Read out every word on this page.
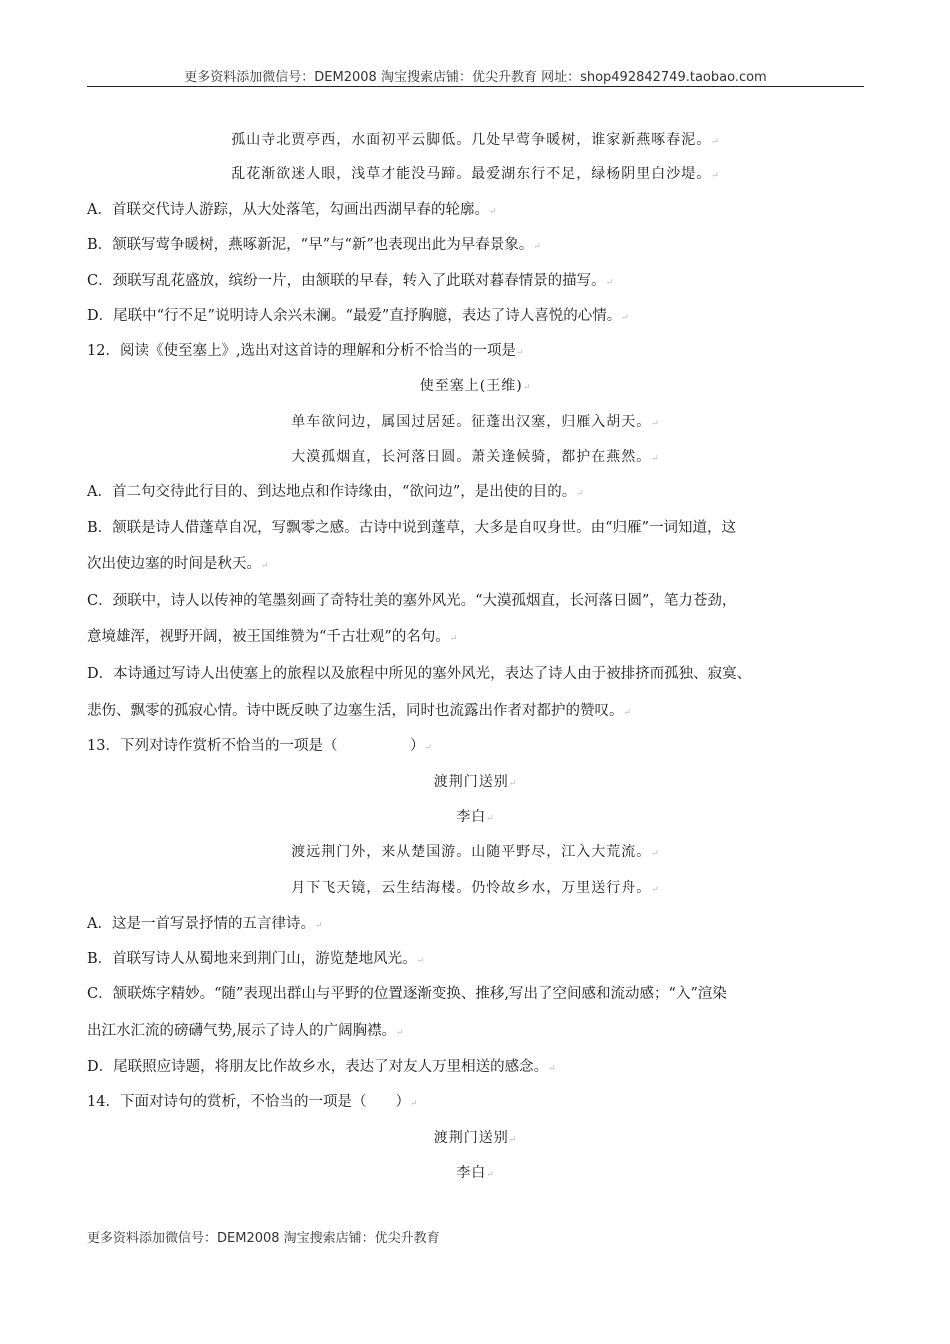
更多资料添加微信号：DEM2008 淘宝搜索店铺：优尖升教育 网址：shop492842749.taobao.com
孤山寺北贾亭西，水面初平云脚低。几处早莺争暖树，谁家新燕啄春泥。↵
乱花渐欲迷人眼，浅草才能没马蹄。最爱湖东行不足，绿杨阴里白沙堤。↵
A．首联交代诗人游踪，从大处落笔，勾画出西湖早春的轮廓。↵
B．颔联写莺争暖树，燕啄新泥，“早”与“新”也表现出此为早春景象。↵
C．颈联写乱花盛放，缤纷一片，由颔联的早春，转入了此联对暮春情景的描写。↵
D．尾联中“行不足”说明诗人余兴未澜。“最爱”直抒胸臆，表达了诗人喜悦的心情。↵
12．阅读《使至塞上》,选出对这首诗的理解和分析不恰当的一项是↵
使至塞上(王维)↵
单车欲问边，属国过居延。征蓬出汉塞，归雁入胡天。↵
大漠孤烟直，长河落日圆。萧关逢候骑，都护在燕然。↵
A．首二句交待此行目的、到达地点和作诗缘由，“欲问边”，是出使的目的。↵
B．颔联是诗人借蓬草自况，写飘零之感。古诗中说到蓬草，大多是自叹身世。由“归雁”一词知道，这
次出使边塞的时间是秋天。↵
C．颈联中，诗人以传神的笔墨刻画了奇特壮美的塞外风光。“大漠孤烟直，长河落日圆”，笔力苍劲，
意境雄浑，视野开阔，被王国维赞为“千古壮观”的名句。↵
D．本诗通过写诗人出使塞上的旅程以及旅程中所见的塞外风光，表达了诗人由于被排挤而孤独、寂寞、
悲伤、飘零的孤寂心情。诗中既反映了边塞生活，同时也流露出作者对都护的赞叹。↵
13．下列对诗作赏析不恰当的一项是（　　　　　）↵
渡荆门送别↵
李白↵
渡远荆门外，来从楚国游。山随平野尽，江入大荒流。↵
月下飞天镜，云生结海楼。仍怜故乡水，万里送行舟。↵
A．这是一首写景抒情的五言律诗。↵
B．首联写诗人从蜀地来到荆门山，游览楚地风光。↵
C．颔联炼字精妙。“随”表现出群山与平野的位置逐渐变换、推移,写出了空间感和流动感；“入”渲染
出江水汇流的磅礴气势,展示了诗人的广阔胸襟。↵
D．尾联照应诗题，将朋友比作故乡水，表达了对友人万里相送的感念。↵
14．下面对诗句的赏析，不恰当的一项是（　　）↵
渡荆门送别↵
李白↵
更多资料添加微信号：DEM2008 淘宝搜索店铺：优尖升教育
